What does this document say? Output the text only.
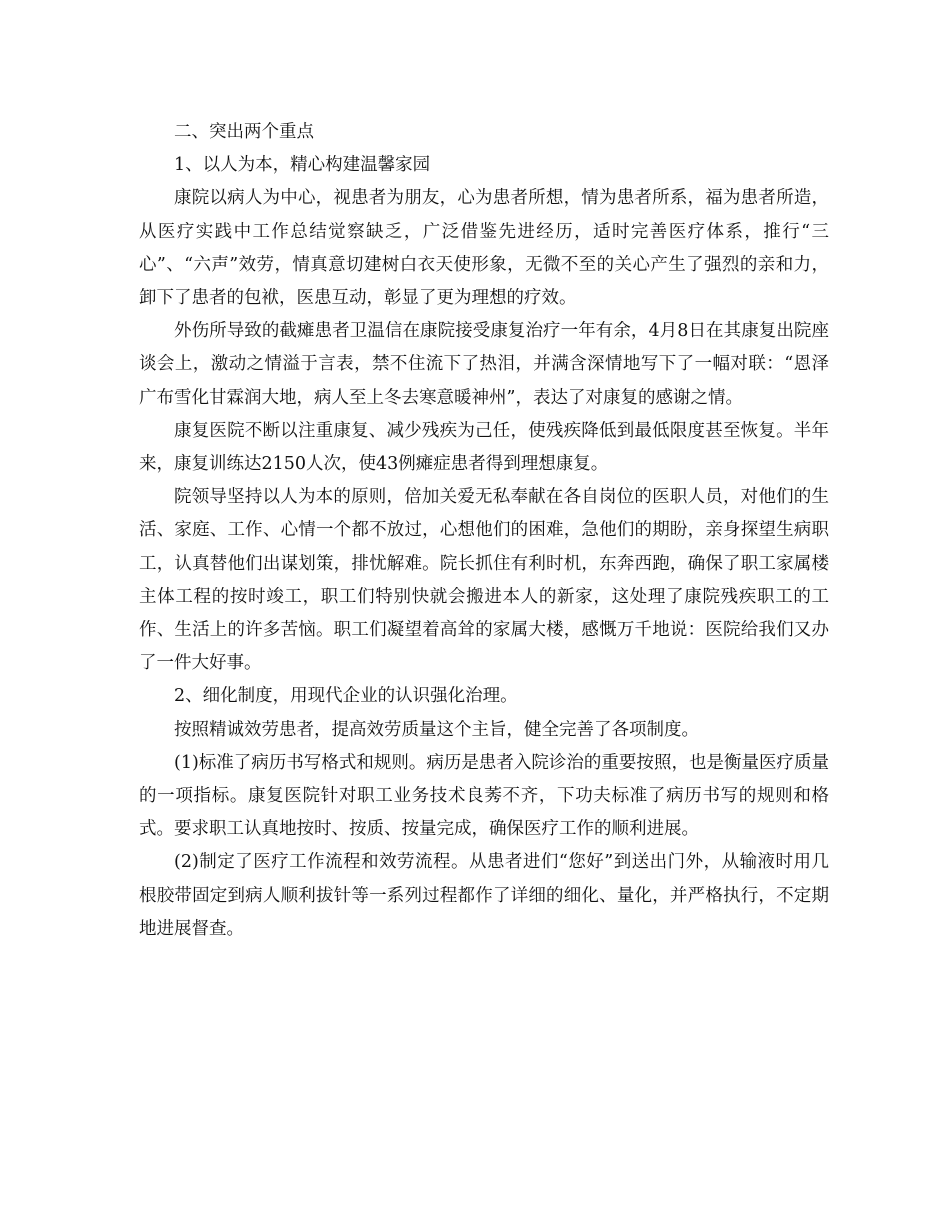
二、突出两个重点

1、以人为本，精心构建温馨家园

康院以病人为中心，视患者为朋友，心为患者所想，情为患者所系，福为患者所造，从医疗实践中工作总结觉察缺乏，广泛借鉴先进经历，适时完善医疗体系，推行“三心”、“六声”效劳，情真意切建树白衣天使形象，无微不至的关心产生了强烈的亲和力，卸下了患者的包袱，医患互动，彰显了更为理想的疗效。

外伤所导致的截瘫患者卫温信在康院接受康复治疗一年有余，4月8日在其康复出院座谈会上，激动之情溢于言表，禁不住流下了热泪，并满含深情地写下了一幅对联：“恩泽广布雪化甘霖润大地，病人至上冬去寒意暖神州”，表达了对康复的感谢之情。

康复医院不断以注重康复、减少残疾为己任，使残疾降低到最低限度甚至恢复。半年来，康复训练达2150人次，使43例瘫症患者得到理想康复。

院领导坚持以人为本的原则，倍加关爱无私奉献在各自岗位的医职人员，对他们的生活、家庭、工作、心情一个都不放过，心想他们的困难，急他们的期盼，亲身探望生病职工，认真替他们出谋划策，排忧解难。院长抓住有利时机，东奔西跑，确保了职工家属楼主体工程的按时竣工，职工们特别快就会搬进本人的新家，这处理了康院残疾职工的工作、生活上的许多苦恼。职工们凝望着高耸的家属大楼，感慨万千地说：医院给我们又办了一件大好事。

2、细化制度，用现代企业的认识强化治理。

按照精诚效劳患者，提高效劳质量这个主旨，健全完善了各项制度。

(1)标准了病历书写格式和规则。病历是患者入院诊治的重要按照，也是衡量医疗质量的一项指标。康复医院针对职工业务技术良莠不齐，下功夫标准了病历书写的规则和格式。要求职工认真地按时、按质、按量完成，确保医疗工作的顺利进展。

(2)制定了医疗工作流程和效劳流程。从患者进们“您好”到送出门外，从输液时用几根胶带固定到病人顺利拔针等一系列过程都作了详细的细化、量化，并严格执行，不定期地进展督查。
